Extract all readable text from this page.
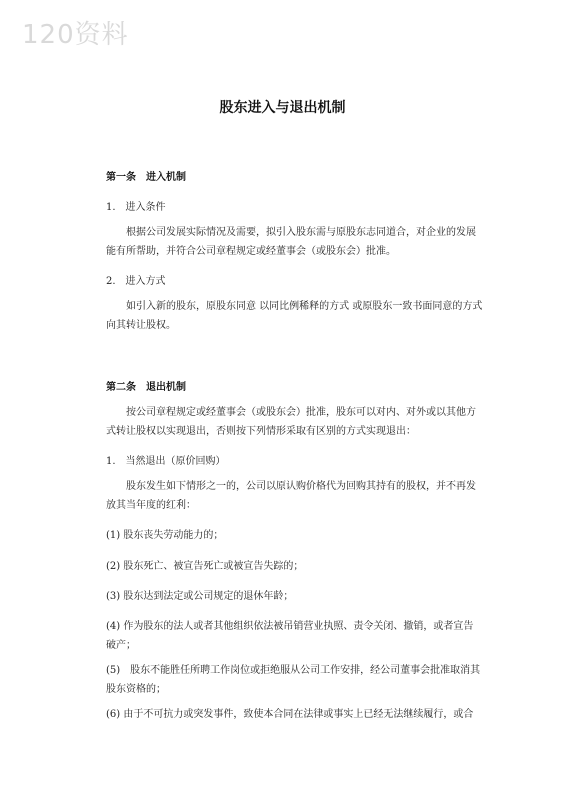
120资料
股东进入与退出机制
第一条　进入机制
1.　进入条件
根据公司发展实际情况及需要，拟引入股东需与原股东志同道合，对企业的发展能有所帮助，并符合公司章程规定或经董事会（或股东会）批准。
2.　进入方式
如引入新的股东，原股东同意 以同比例稀释的方式 或原股东一致书面同意的方式向其转让股权。
第二条　退出机制
按公司章程规定或经董事会（或股东会）批准，股东可以对内、对外或以其他方式转让股权以实现退出，否则按下列情形采取有区别的方式实现退出：
1.　当然退出（原价回购）
股东发生如下情形之一的，公司以原认购价格代为回购其持有的股权，并不再发放其当年度的红利：
(1) 股东丧失劳动能力的；
(2) 股东死亡、被宣告死亡或被宣告失踪的；
(3) 股东达到法定或公司规定的退休年龄；
(4) 作为股东的法人或者其他组织依法被吊销营业执照、责令关闭、撤销，或者宣告破产；
(5)　股东不能胜任所聘工作岗位或拒绝服从公司工作安排，经公司董事会批准取消其股东资格的；
(6) 由于不可抗力或突发事件，致使本合同在法律或事实上已经无法继续履行，或合
